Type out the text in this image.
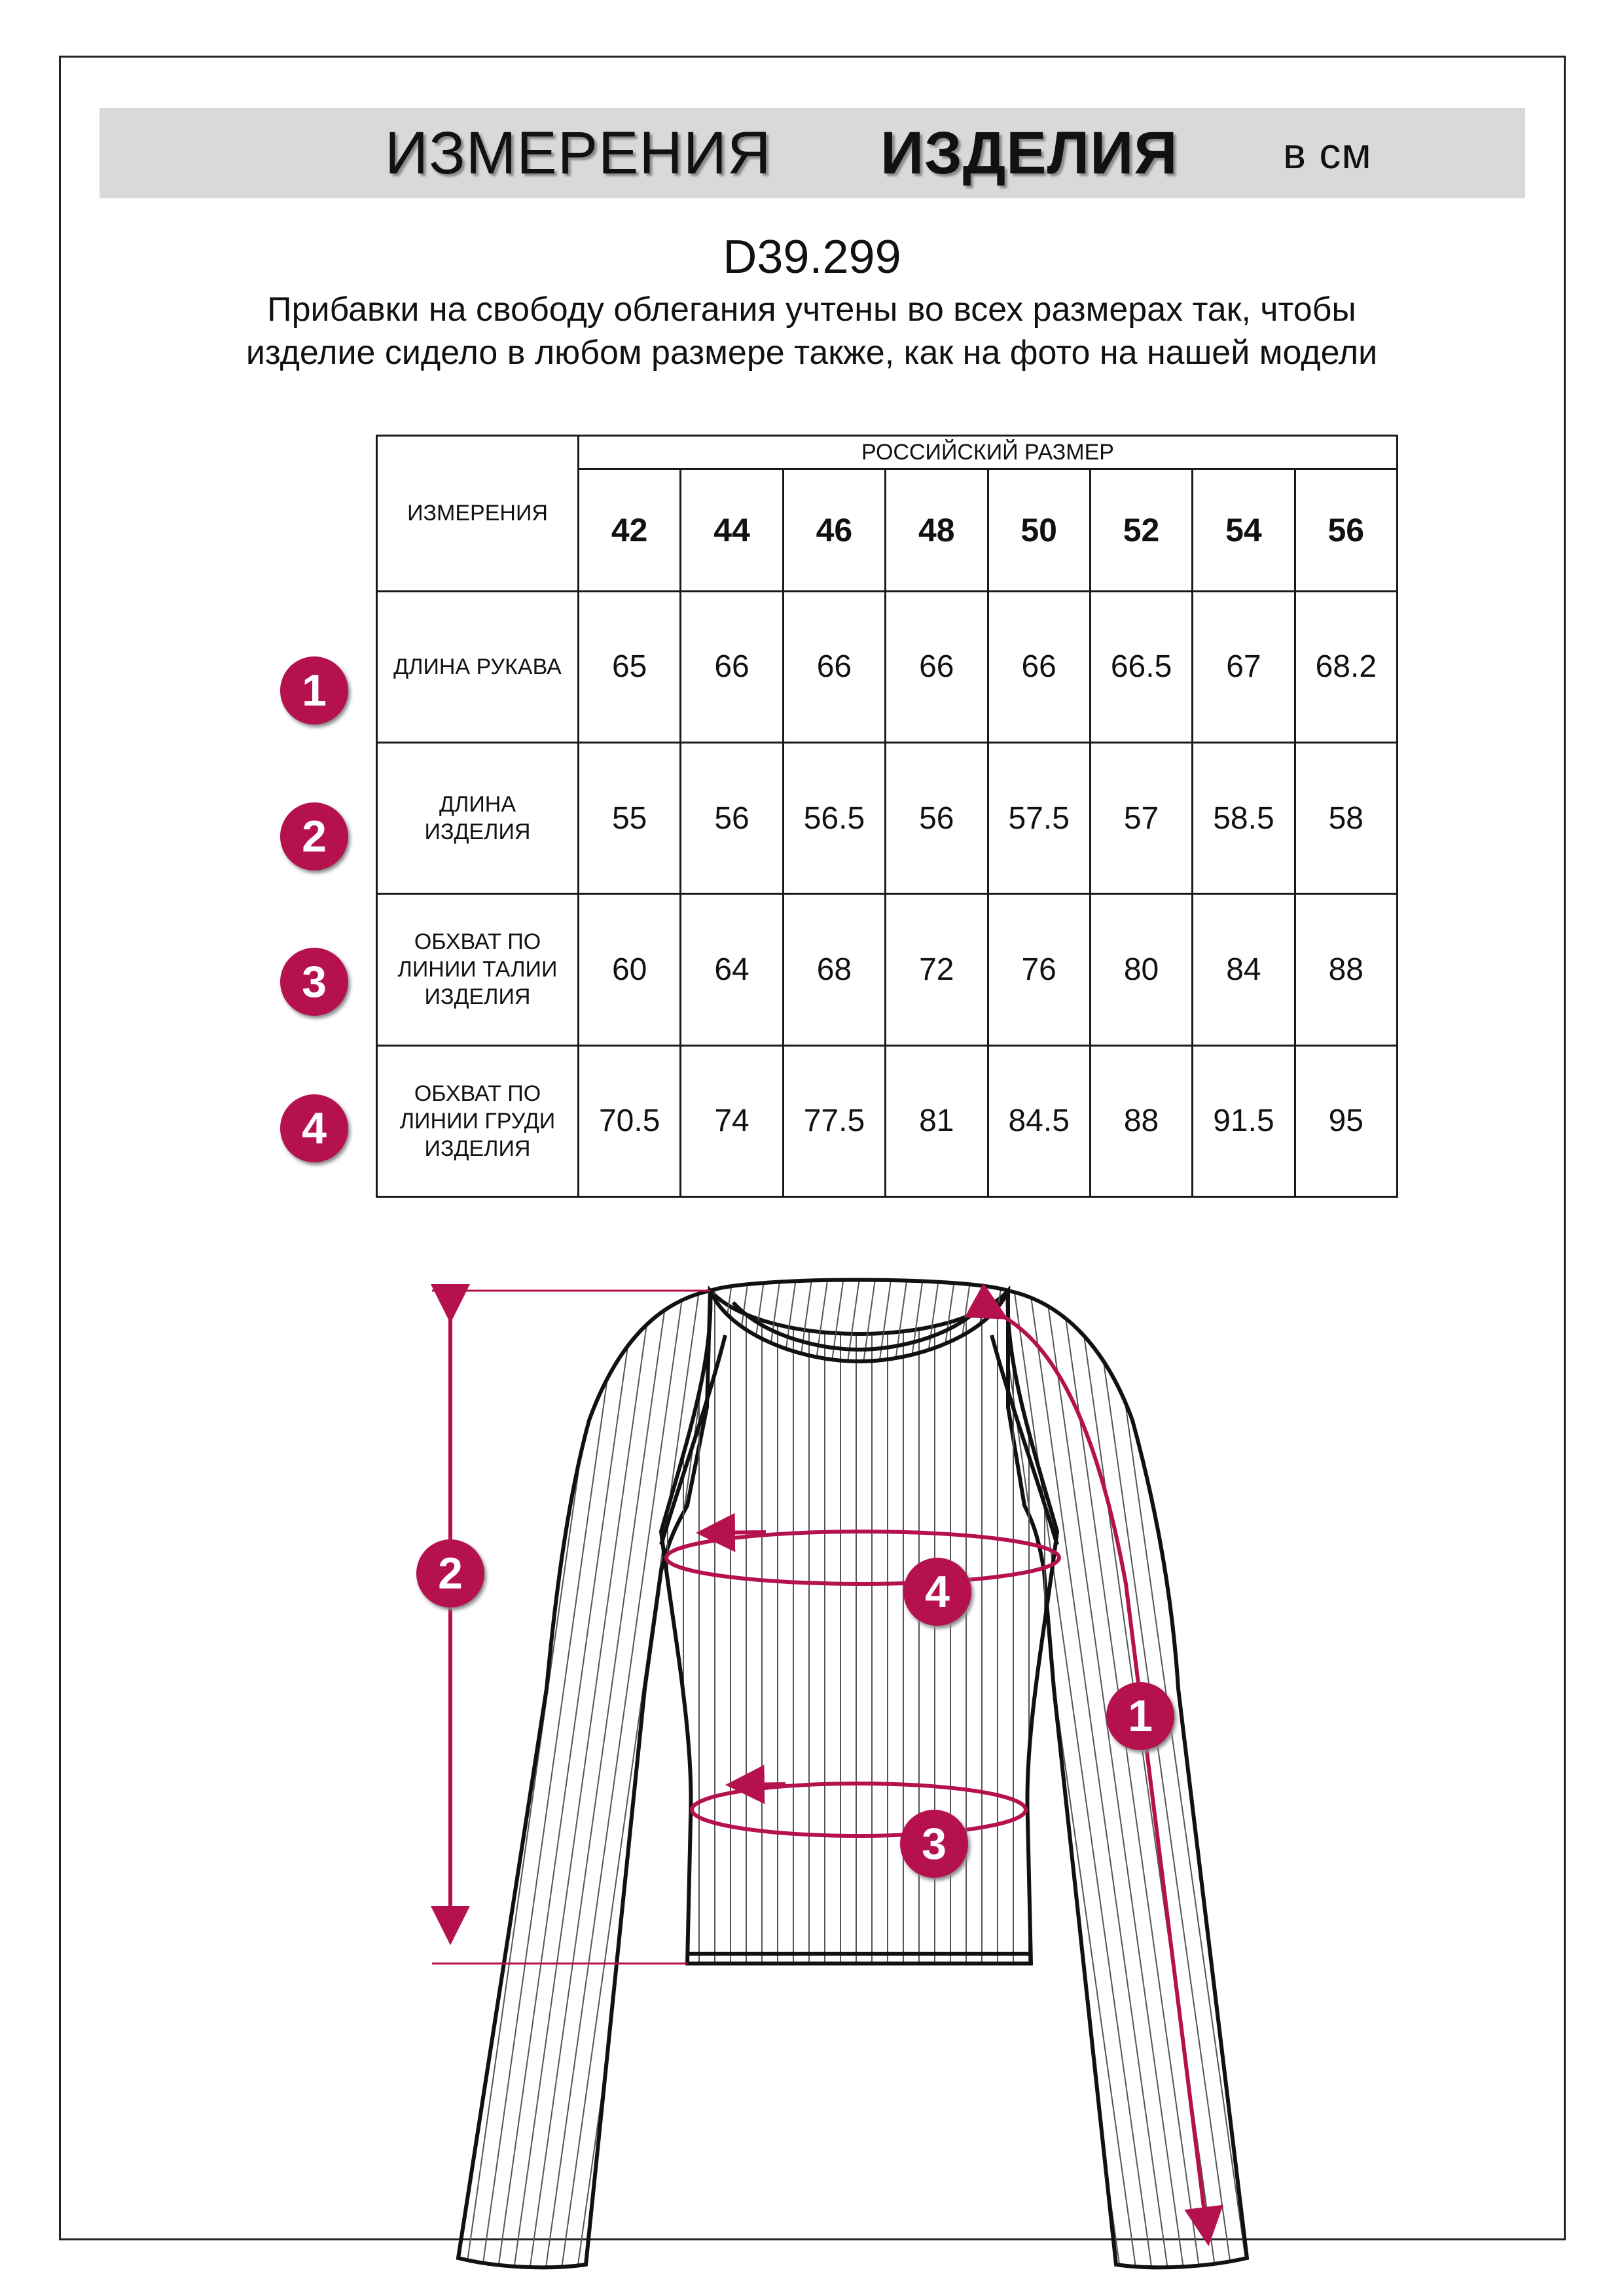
ИЗМЕРЕНИЯ ИЗДЕЛИЯ в см
D39.299
Прибавки на свободу облегания учтены во всех размерах так, чтобы изделие сидело в любом размере также, как на фото на нашей модели
ИЗМЕРЕНИЯ	РОССИЙСКИЙ РАЗМЕР							
	42	44	46	48	50	52	54	56
ДЛИНА РУКАВА	65	66	66	66	66	66.5	67	68.2
ДЛИНА ИЗДЕЛИЯ	55	56	56.5	56	57.5	57	58.5	58
ОБХВАТ ПО ЛИНИИ ТАЛИИ ИЗДЕЛИЯ	60	64	68	72	76	80	84	88
ОБХВАТ ПО ЛИНИИ ГРУДИ ИЗДЕЛИЯ	70.5	74	77.5	81	84.5	88	91.5	95
1
2
3
4
2
1
4
3
